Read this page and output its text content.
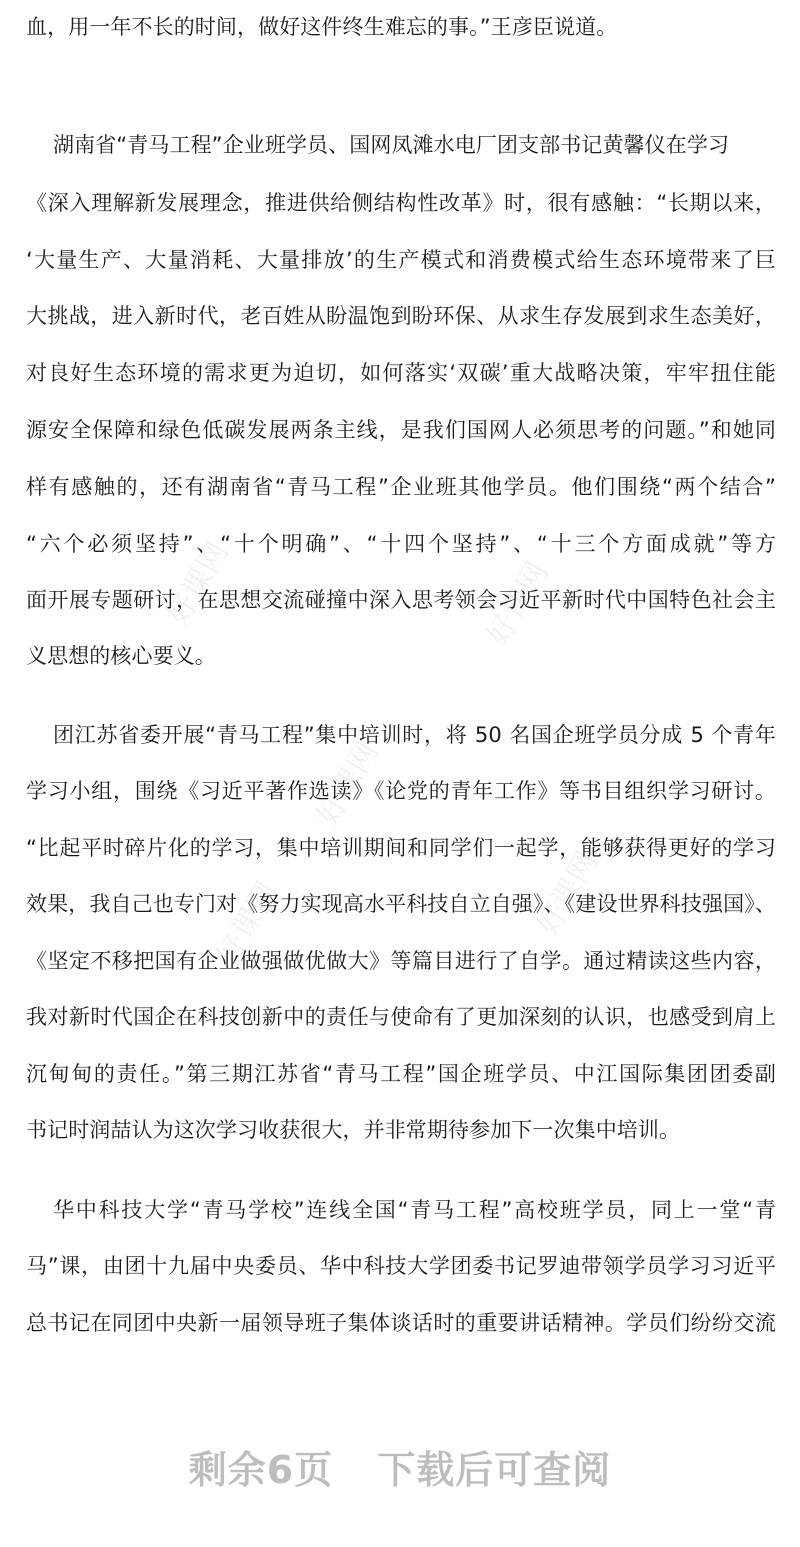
血，用一年不长的时间，做好这件终生难忘的事。”王彦臣说道。
湖南省“青马工程”企业班学员、国网凤滩水电厂团支部书记黄馨仪在学习
《深入理解新发展理念，推进供给侧结构性改革》时，很有感触：“长期以来，
‘大量生产、大量消耗、大量排放’的生产模式和消费模式给生态环境带来了巨
大挑战，进入新时代，老百姓从盼温饱到盼环保、从求生存发展到求生态美好，
对良好生态环境的需求更为迫切，如何落实‘双碳’重大战略决策，牢牢扭住能
源安全保障和绿色低碳发展两条主线，是我们国网人必须思考的问题。”和她同
样有感触的，还有湖南省“青马工程”企业班其他学员。他们围绕“两个结合”
“六个必须坚持”、“十个明确”、“十四个坚持”、“十三个方面成就”等方
面开展专题研讨，在思想交流碰撞中深入思考领会习近平新时代中国特色社会主
义思想的核心要义。
团江苏省委开展“青马工程”集中培训时，将 50 名国企班学员分成 5 个青年
学习小组，围绕《习近平著作选读》《论党的青年工作》等书目组织学习研讨。
“比起平时碎片化的学习，集中培训期间和同学们一起学，能够获得更好的学习
效果，我自己也专门对《努力实现高水平科技自立自强》、《建设世界科技强国》、
《坚定不移把国有企业做强做优做大》等篇目进行了自学。通过精读这些内容，
我对新时代国企在科技创新中的责任与使命有了更加深刻的认识，也感受到肩上
沉甸甸的责任。”第三期江苏省“青马工程”国企班学员、中江国际集团团委副
书记时润喆认为这次学习收获很大，并非常期待参加下一次集中培训。
华中科技大学“青马学校”连线全国“青马工程”高校班学员，同上一堂“青
马”课，由团十九届中央委员、华中科技大学团委书记罗迪带领学员学习习近平
总书记在同团中央新一届领导班子集体谈话时的重要讲话精神。学员们纷纷交流
好课网	好课网
好课网
好课网	好课网
剩余6页 下载后可查阅
